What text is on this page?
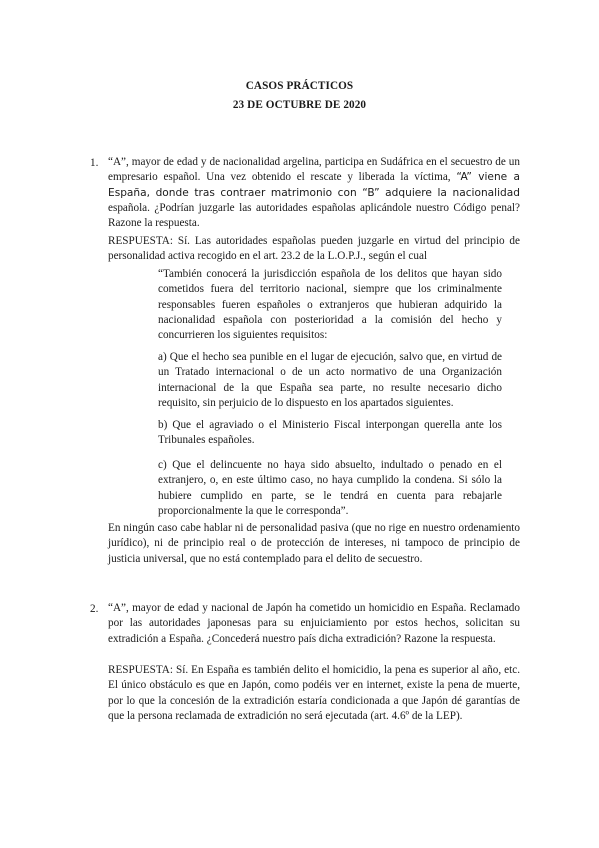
CASOS PRÁCTICOS
23 DE OCTUBRE DE 2020
1. “A”, mayor de edad y de nacionalidad argelina, participa en Sudáfrica en el secuestro de un empresario español. Una vez obtenido el rescate y liberada la víctima, “A” viene a España, donde tras contraer matrimonio con “B” adquiere la nacionalidad española. ¿Podrían juzgarle las autoridades españolas aplicándole nuestro Código penal? Razone la respuesta.

RESPUESTA: Sí. Las autoridades españolas pueden juzgarle en virtud del principio de personalidad activa recogido en el art. 23.2 de la L.O.P.J., según el cual

“También conocerá la jurisdicción española de los delitos que hayan sido cometidos fuera del territorio nacional, siempre que los criminalmente responsables fueren españoles o extranjeros que hubieran adquirido la nacionalidad española con posterioridad a la comisión del hecho y concurrieren los siguientes requisitos:

a) Que el hecho sea punible en el lugar de ejecución, salvo que, en virtud de un Tratado internacional o de un acto normativo de una Organización internacional de la que España sea parte, no resulte necesario dicho requisito, sin perjuicio de lo dispuesto en los apartados siguientes.

b) Que el agraviado o el Ministerio Fiscal interpongan querella ante los Tribunales españoles.

c) Que el delincuente no haya sido absuelto, indultado o penado en el extranjero, o, en este último caso, no haya cumplido la condena. Si sólo la hubiere cumplido en parte, se le tendrá en cuenta para rebajarle proporcionalmente la que le corresponda”.

En ningún caso cabe hablar ni de personalidad pasiva (que no rige en nuestro ordenamiento jurídico), ni de principio real o de protección de intereses, ni tampoco de principio de justicia universal, que no está contemplado para el delito de secuestro.

2. “A”, mayor de edad y nacional de Japón ha cometido un homicidio en España. Reclamado por las autoridades japonesas para su enjuiciamiento por estos hechos, solicitan su extradición a España. ¿Concederá nuestro país dicha extradición? Razone la respuesta.

RESPUESTA: Sí. En España es también delito el homicidio, la pena es superior al año, etc. El único obstáculo es que en Japón, como podéis ver en internet, existe la pena de muerte, por lo que la concesión de la extradición estaría condicionada a que Japón dé garantías de que la persona reclamada de extradición no será ejecutada (art. 4.6º de la LEP).
